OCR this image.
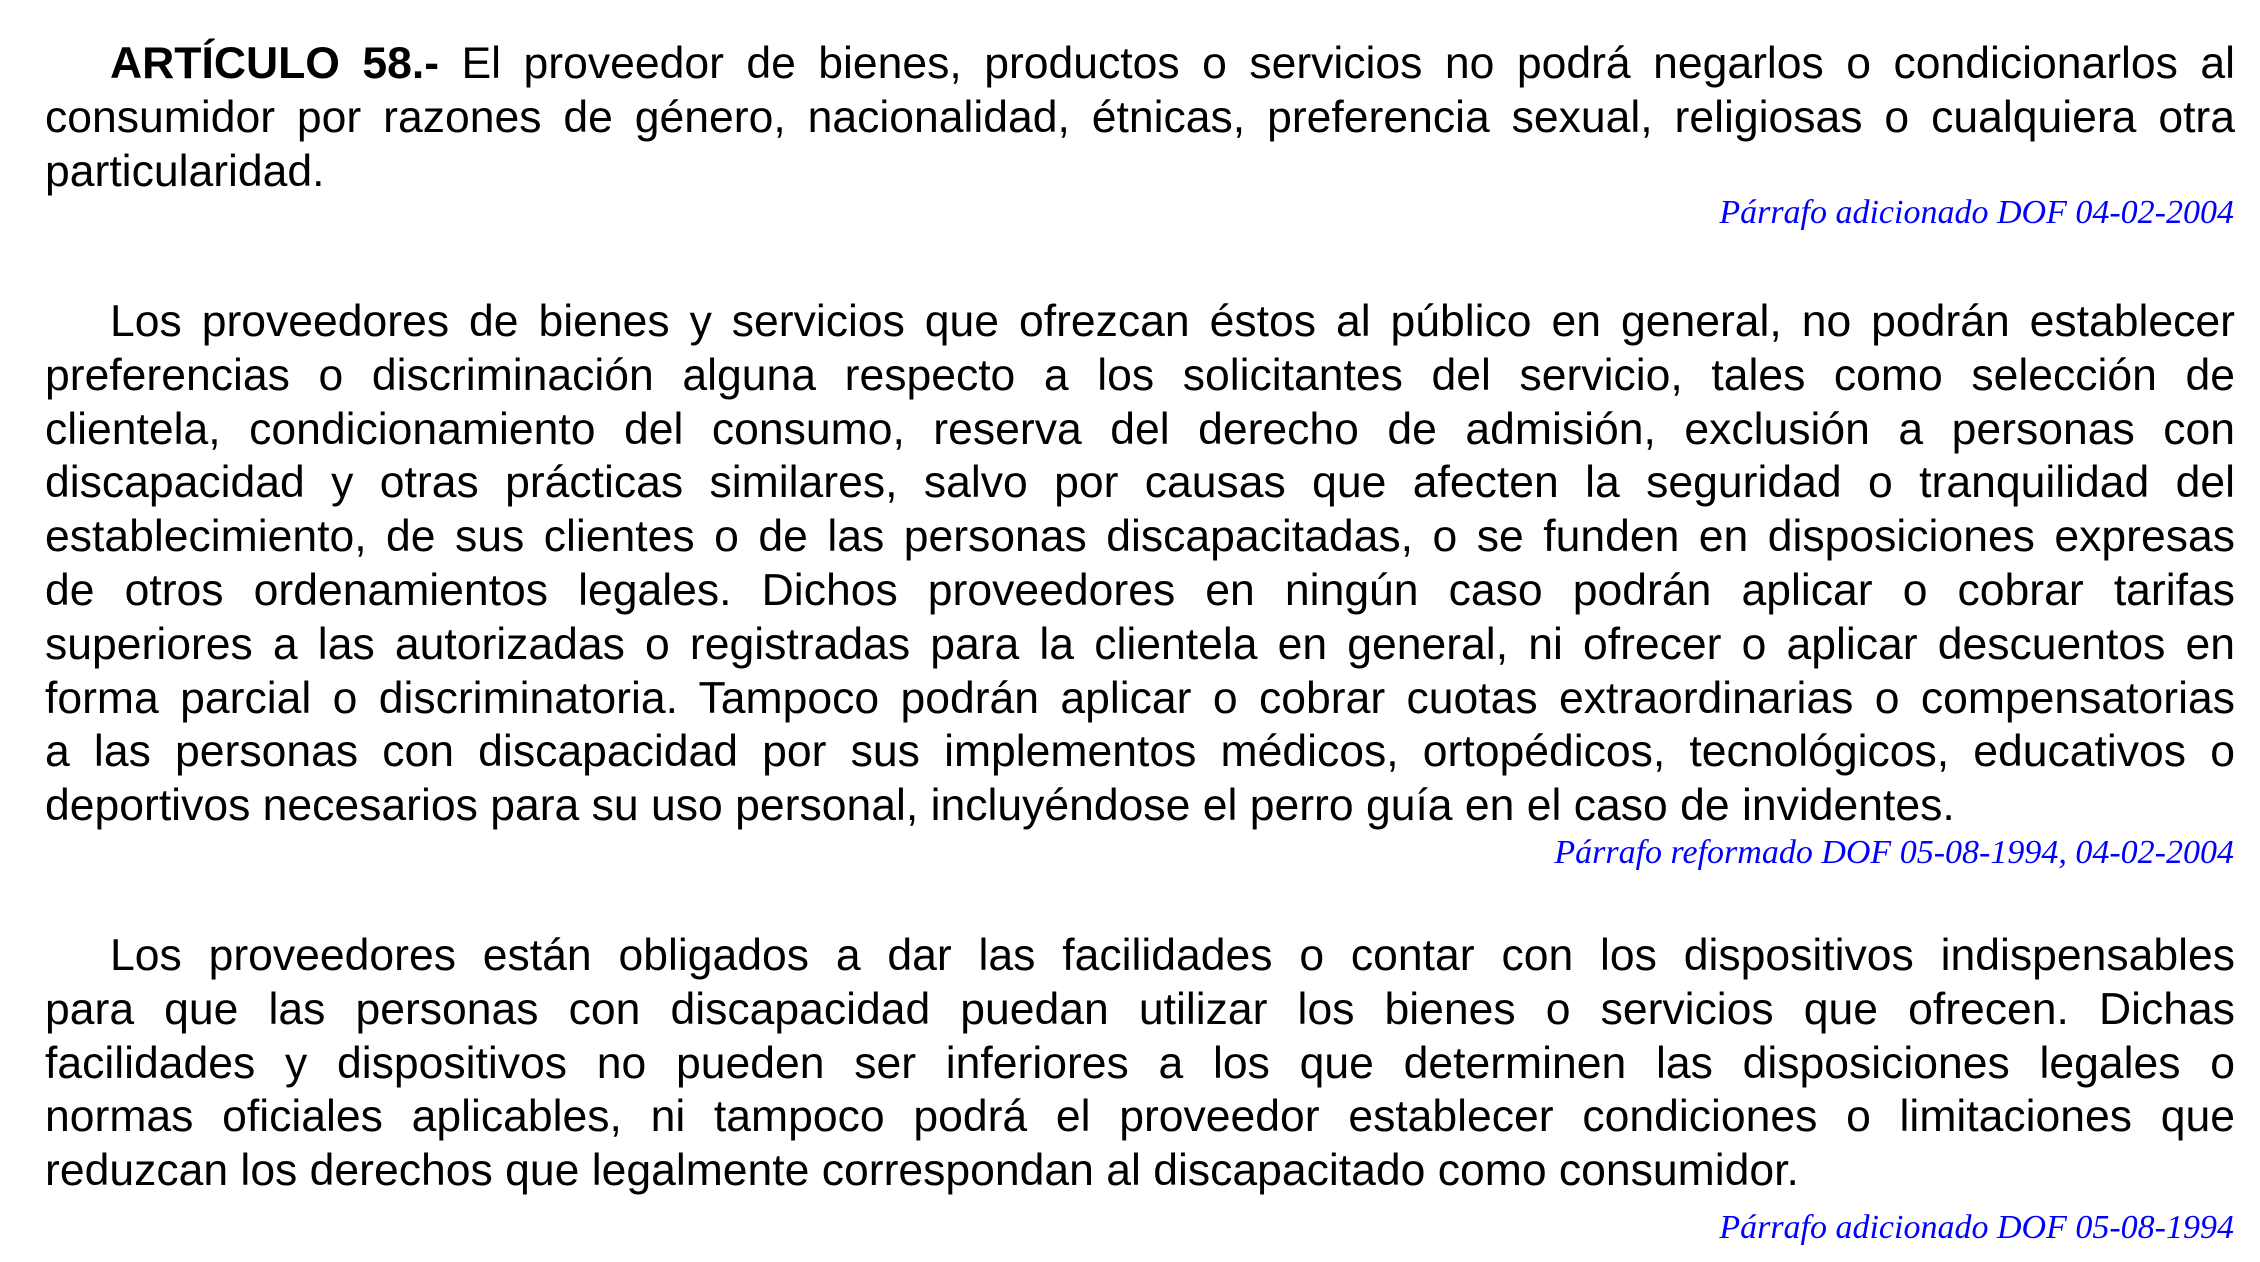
ARTÍCULO 58.- El proveedor de bienes, productos o servicios no podrá negarlos o condicionarlos al
consumidor por razones de género, nacionalidad, étnicas, preferencia sexual, religiosas o cualquiera otra
particularidad.
Párrafo adicionado DOF 04-02-2004
Los proveedores de bienes y servicios que ofrezcan éstos al público en general, no podrán establecer
preferencias o discriminación alguna respecto a los solicitantes del servicio, tales como selección de
clientela, condicionamiento del consumo, reserva del derecho de admisión, exclusión a personas con
discapacidad y otras prácticas similares, salvo por causas que afecten la seguridad o tranquilidad del
establecimiento, de sus clientes o de las personas discapacitadas, o se funden en disposiciones expresas
de otros ordenamientos legales. Dichos proveedores en ningún caso podrán aplicar o cobrar tarifas
superiores a las autorizadas o registradas para la clientela en general, ni ofrecer o aplicar descuentos en
forma parcial o discriminatoria. Tampoco podrán aplicar o cobrar cuotas extraordinarias o compensatorias
a las personas con discapacidad por sus implementos médicos, ortopédicos, tecnológicos, educativos o
deportivos necesarios para su uso personal, incluyéndose el perro guía en el caso de invidentes.
Párrafo reformado DOF 05-08-1994, 04-02-2004
Los proveedores están obligados a dar las facilidades o contar con los dispositivos indispensables
para que las personas con discapacidad puedan utilizar los bienes o servicios que ofrecen. Dichas
facilidades y dispositivos no pueden ser inferiores a los que determinen las disposiciones legales o
normas oficiales aplicables, ni tampoco podrá el proveedor establecer condiciones o limitaciones que
reduzcan los derechos que legalmente correspondan al discapacitado como consumidor.
Párrafo adicionado DOF 05-08-1994
